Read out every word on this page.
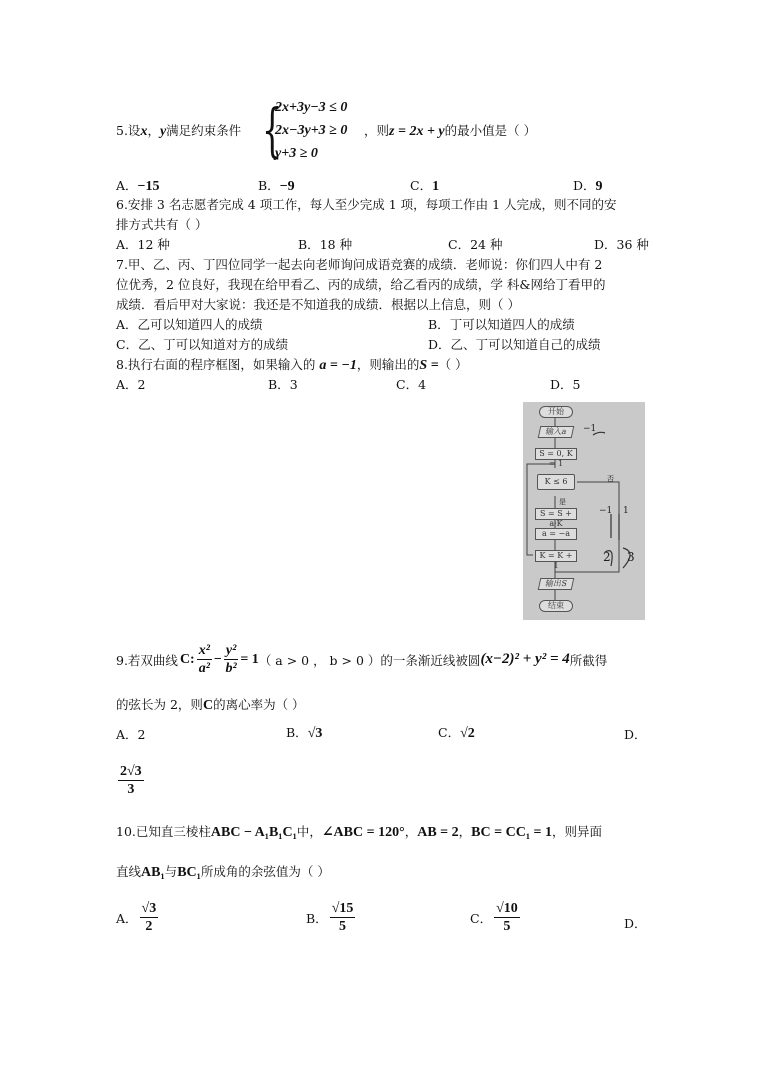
5.设x，y满足约束条件 {
2x+3y−3 ≤ 0
2x−3y+3 ≥ 0
y+3 ≥ 0
，则z = 2x + y的最小值是（ ）
A．−15	B．−9	C．1	D．9
6.安排 3 名志愿者完成 4 项工作，每人至少完成 1 项，每项工作由 1 人完成，则不同的安
排方式共有（ ）
A．12 种	B．18 种	C．24 种	D．36 种
7.甲、乙、丙、丁四位同学一起去向老师询问成语竞赛的成绩．老师说：你们四人中有 2
位优秀，2 位良好，我现在给甲看乙、丙的成绩，给乙看丙的成绩，学 科&网给丁看甲的
成绩．看后甲对大家说：我还是不知道我的成绩．根据以上信息，则（ ）
A．乙可以知道四人的成绩	B．丁可以知道四人的成绩
C．乙、丁可以知道对方的成绩	D．乙、丁可以知道自己的成绩
8.执行右面的程序框图，如果输入的 a = −1，则输出的S =（ ）
A．2	B．3	C．4	D．5
开始
输入a
S = 0, K = 1
K ≤ 6
是
否
S = S + a·K
a = −a
K = K + 1
输出S
结束
−1
−1 1
2 3
9.若双曲线 C: $\frac{\text{x²}}{\text{a²}} - \frac{\text{y²}}{\text{b²}} = 1$ （ a > 0 ， b > 0 ） 的一条渐近线被圆 (x−2)² + y² = 4 所截得
的弦长为 2，则C的离心率为（ ）
A．2	B．√3	C．√2	D．
$\frac{2√3}{3}$
10.已知直三棱柱ABC − A₁B₁C₁中，∠ABC = 120°，AB = 2，BC = CC₁ = 1，则异面
直线AB₁与BC₁所成角的余弦值为（ ）
A． $\frac{√3}{2}$	B． $\frac{√15}{5}$	C． $\frac{√10}{5}$	D．
